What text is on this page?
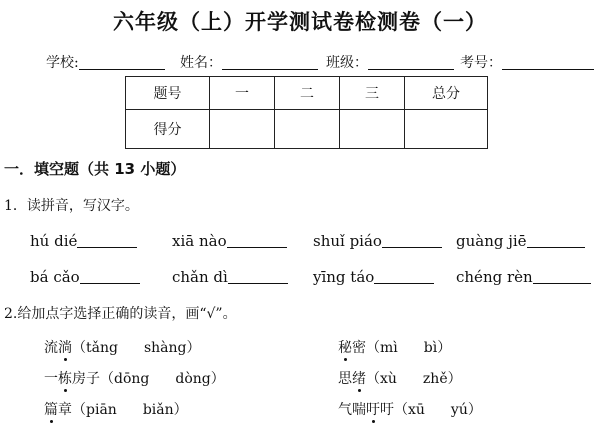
六年级（上）开学测试卷检测卷（一）
学校:	姓名：	班级：	考号：
题号	一	二	三	总分
得分				
一．填空题（共 13 小题）
1．读拼音，写汉字。
hú dié	xiā nào	shuǐ piáo	guàng jiē
bá cǎo	chǎn dì	yīng táo	chéng rèn
2.给加点字选择正确的读音，画“√”。
流淌（tǎng shàng）	秘密（mì bì）
一栋房子（dōng dòng）	思绪（xù zhě）
篇章（piān biǎn）	气喘吁吁（xū yú）
